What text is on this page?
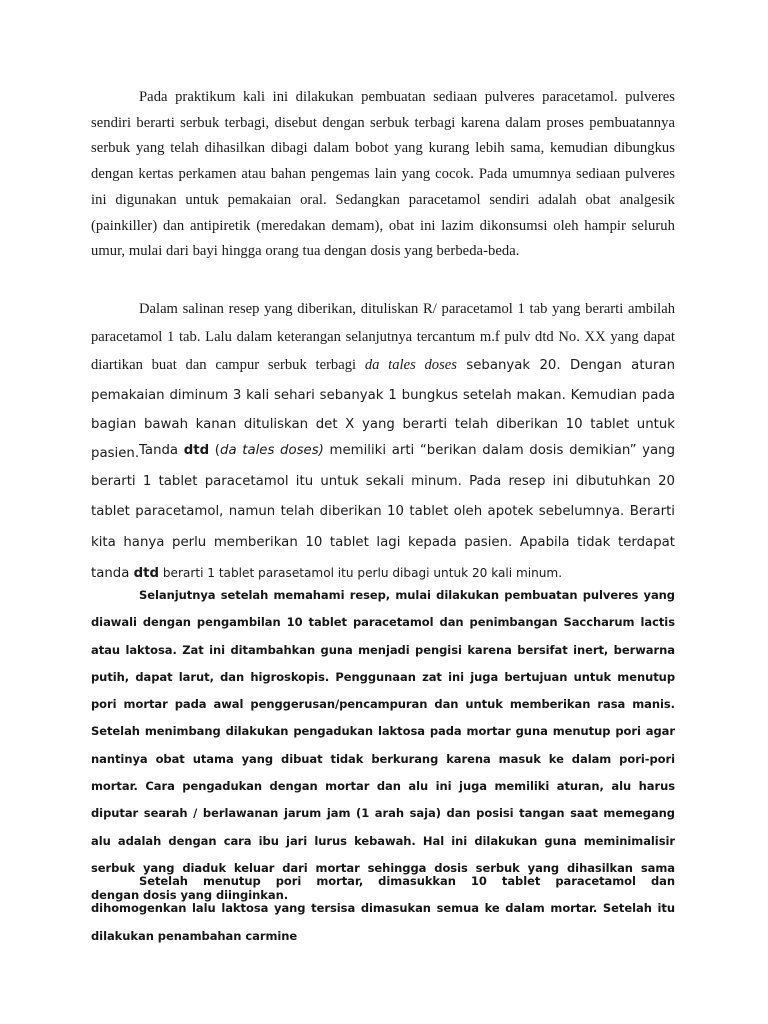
Pada praktikum kali ini dilakukan pembuatan sediaan pulveres paracetamol. pulveres sendiri berarti serbuk terbagi, disebut dengan serbuk terbagi karena dalam proses pembuatannya serbuk yang telah dihasilkan dibagi dalam bobot yang kurang lebih sama, kemudian dibungkus dengan kertas perkamen atau bahan pengemas lain yang cocok. Pada umumnya sediaan pulveres ini digunakan untuk pemakaian oral. Sedangkan paracetamol sendiri adalah obat analgesik (painkiller) dan antipiretik (meredakan demam), obat ini lazim dikonsumsi oleh hampir seluruh umur, mulai dari bayi hingga orang tua dengan dosis yang berbeda-beda.

Dalam salinan resep yang diberikan, dituliskan R/ paracetamol 1 tab yang berarti ambilah paracetamol 1 tab. Lalu dalam keterangan selanjutnya tercantum m.f pulv dtd No. XX yang dapat diartikan buat dan campur serbuk terbagi da tales doses sebanyak 20. Dengan aturan pemakaian diminum 3 kali sehari sebanyak 1 bungkus setelah makan. Kemudian pada bagian bawah kanan dituliskan det X yang berarti telah diberikan 10 tablet untuk pasien. Tanda dtd (da tales doses) memiliki arti “berikan dalam dosis demikian” yang berarti 1 tablet paracetamol itu untuk sekali minum. Pada resep ini dibutuhkan 20 tablet paracetamol, namun telah diberikan 10 tablet oleh apotek sebelumnya. Berarti kita hanya perlu memberikan 10 tablet lagi kepada pasien. Apabila tidak terdapat tanda dtd berarti 1 tablet parasetamol itu perlu dibagi untuk 20 kali minum.

Selanjutnya setelah memahami resep, mulai dilakukan pembuatan pulveres yang diawali dengan pengambilan 10 tablet paracetamol dan penimbangan Saccharum lactis atau laktosa. Zat ini ditambahkan guna menjadi pengisi karena bersifat inert, berwarna putih, dapat larut, dan higroskopis. Penggunaan zat ini juga bertujuan untuk menutup pori mortar pada awal penggerusan/pencampuran dan untuk memberikan rasa manis. Setelah menimbang dilakukan pengadukan laktosa pada mortar guna menutup pori agar nantinya obat utama yang dibuat tidak berkurang karena masuk ke dalam pori-pori mortar. Cara pengadukan dengan mortar dan alu ini juga memiliki aturan, alu harus diputar searah / berlawanan jarum jam (1 arah saja) dan posisi tangan saat memegang alu adalah dengan cara ibu jari lurus kebawah. Hal ini dilakukan guna meminimalisir serbuk yang diaduk keluar dari mortar sehingga dosis serbuk yang dihasilkan sama dengan dosis yang diinginkan.

Setelah menutup pori mortar, dimasukkan 10 tablet paracetamol dan dihomogenkan lalu laktosa yang tersisa dimasukan semua ke dalam mortar. Setelah itu dilakukan penambahan carmine
